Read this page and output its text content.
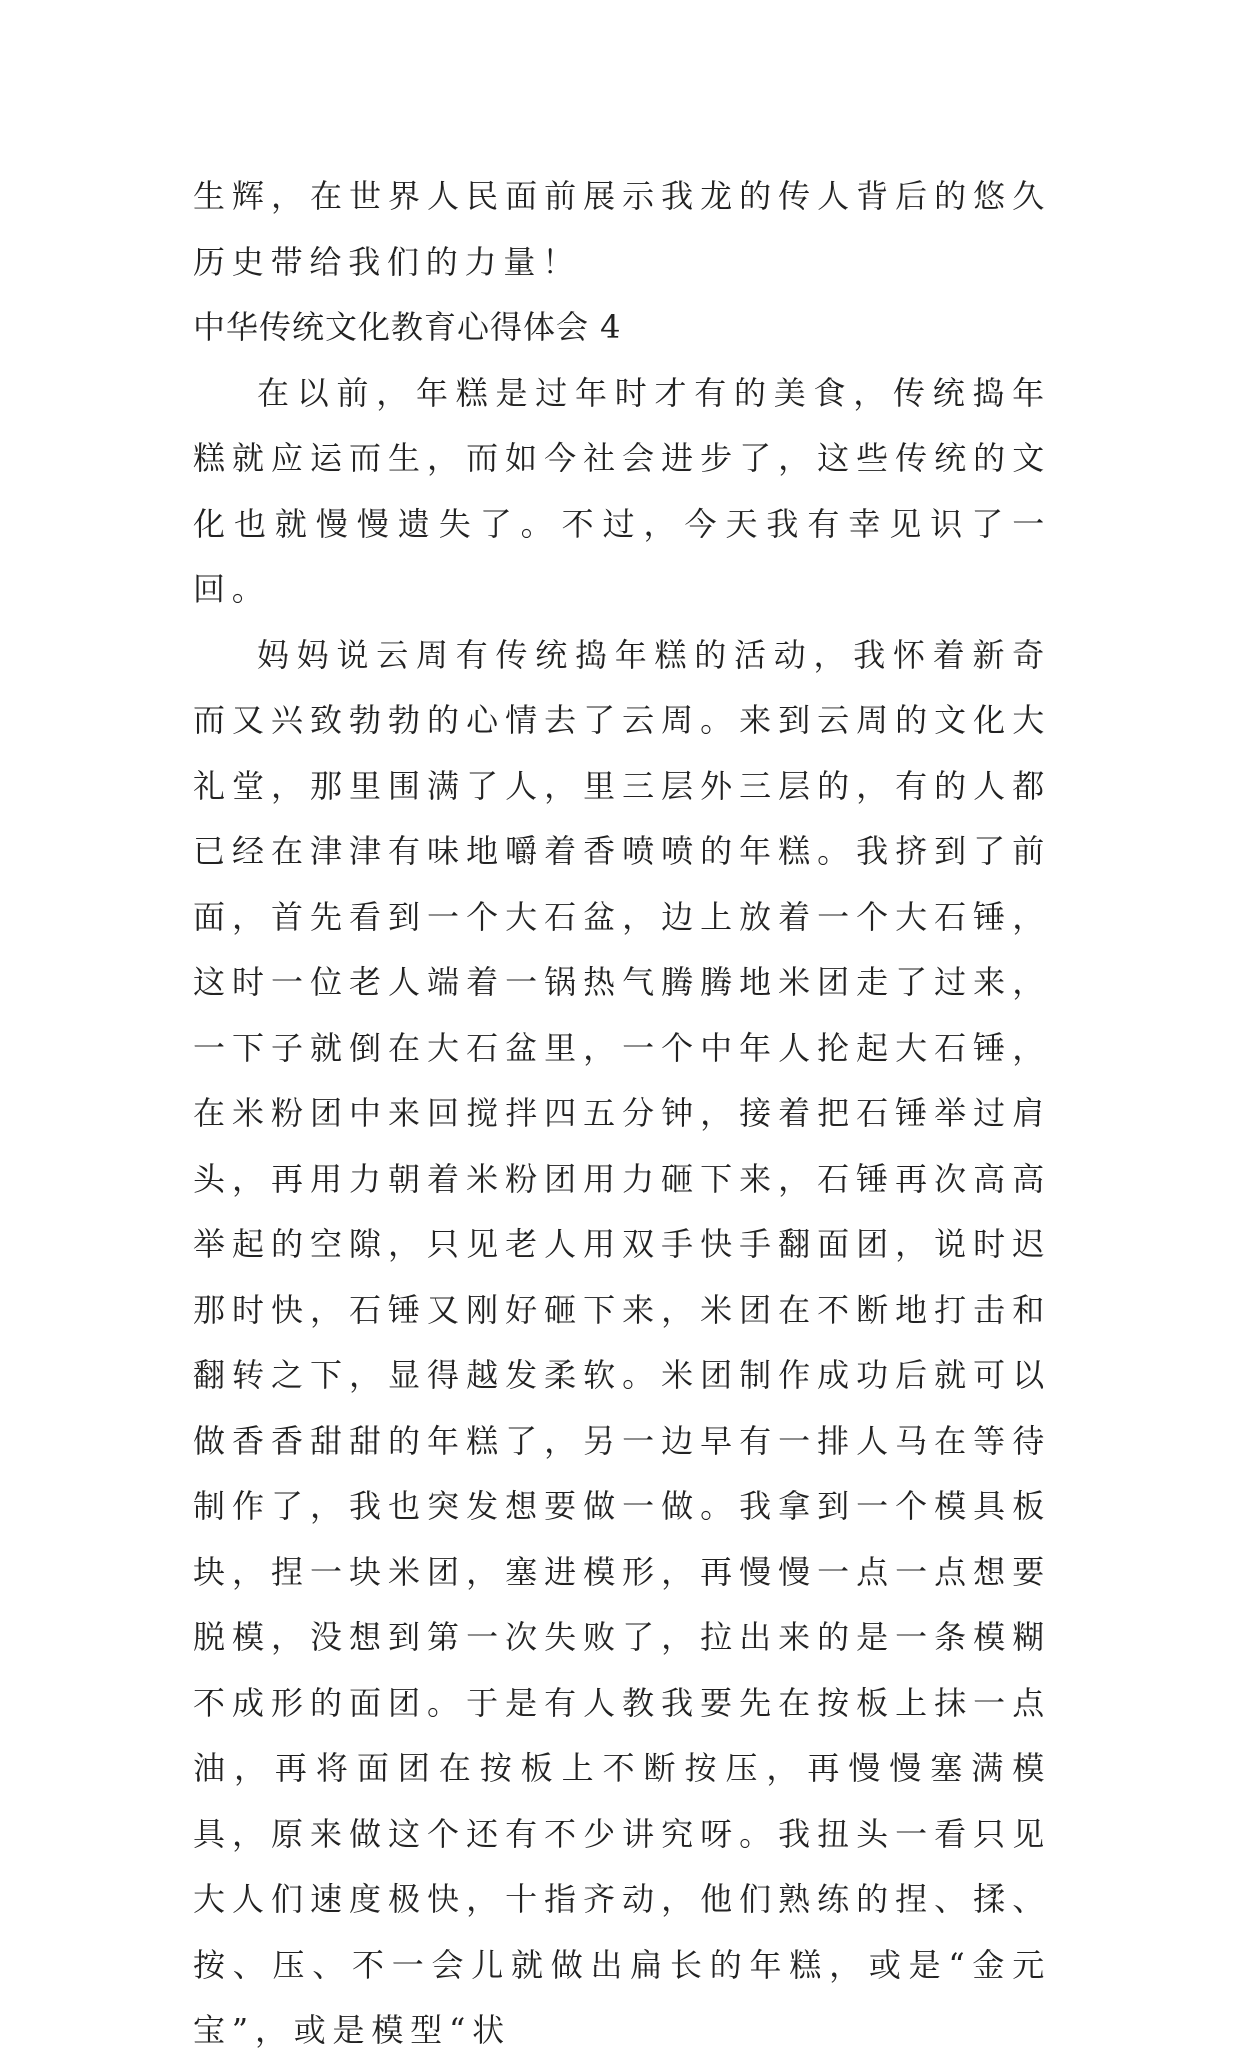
生辉，在世界人民面前展示我龙的传人背后的悠久历史带给我们的力量！

中华传统文化教育心得体会 4

在以前，年糕是过年时才有的美食，传统捣年糕就应运而生，而如今社会进步了，这些传统的文化也就慢慢遗失了。不过，今天我有幸见识了一回。

妈妈说云周有传统捣年糕的活动，我怀着新奇而又兴致勃勃的心情去了云周。来到云周的文化大礼堂，那里围满了人，里三层外三层的，有的人都已经在津津有味地嚼着香喷喷的年糕。我挤到了前面，首先看到一个大石盆，边上放着一个大石锤，这时一位老人端着一锅热气腾腾地米团走了过来，一下子就倒在大石盆里，一个中年人抡起大石锤，在米粉团中来回搅拌四五分钟，接着把石锤举过肩头，再用力朝着米粉团用力砸下来，石锤再次高高举起的空隙，只见老人用双手快手翻面团，说时迟那时快，石锤又刚好砸下来，米团在不断地打击和翻转之下，显得越发柔软。米团制作成功后就可以做香香甜甜的年糕了，另一边早有一排人马在等待制作了，我也突发想要做一做。我拿到一个模具板块，捏一块米团，塞进模形，再慢慢一点一点想要脱模，没想到第一次失败了，拉出来的是一条模糊不成形的面团。于是有人教我要先在按板上抹一点油，再将面团在按板上不断按压，再慢慢塞满模具，原来做这个还有不少讲究呀。我扭头一看只见大人们速度极快，十指齐动，他们熟练的捏、揉、按、压、不一会儿就做出扁长的年糕，或是“金元宝”，或是模型“状
